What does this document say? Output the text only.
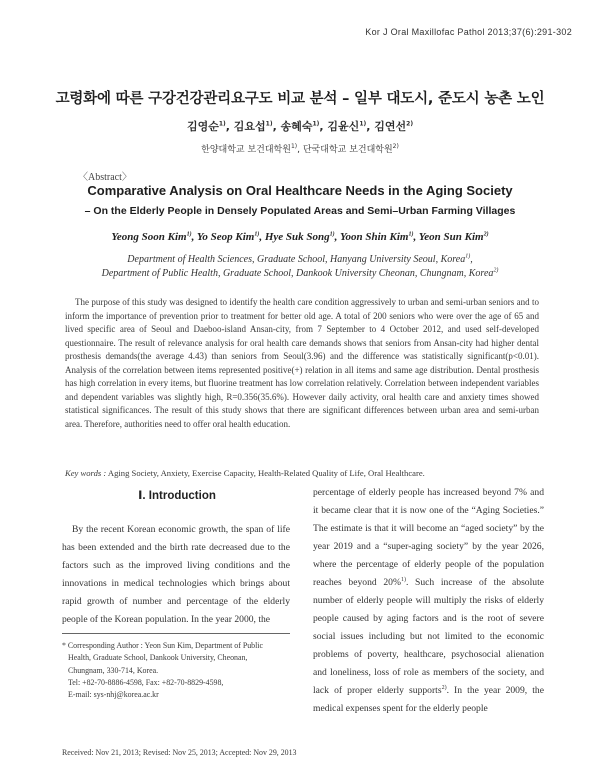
Kor J Oral Maxillofac Pathol 2013;37(6):291-302
고령화에 따른 구강건강관리요구도 비교 분석 – 일부 대도시, 준도시 농촌 노인
김영순$^{1)}$, 김요섭$^{1)}$, 송혜숙$^{1)}$, 김윤신$^{1)}$, 김연선$^{2)}$
한양대학교 보건대학원$^{1)}$, 단국대학교 보건대학원$^{2)}$
〈Abstract〉
Comparative Analysis on Oral Healthcare Needs in the Aging Society
– On the Elderly People in Densely Populated Areas and Semi–Urban Farming Villages
Yeong Soon Kim$^{1)}$, Yo Seop Kim$^{1)}$, Hye Suk Song$^{1)}$, Yoon Shin Kim$^{1)}$, Yeon Sun Kim$^{2)}$
Department of Health Sciences, Graduate School, Hanyang University Seoul, Korea$^{1)}$,
Department of Public Health, Graduate School, Dankook University Cheonan, Chungnam, Korea$^{2)}$

The purpose of this study was designed to identify the health care condition aggressively to urban and semi-urban seniors and to inform the importance of prevention prior to treatment for better old age. A total of 200 seniors who were over the age of 65 and lived specific area of Seoul and Daeboo-island Ansan-city, from 7 September to 4 October 2012, and used self-developed questionnaire. The result of relevance analysis for oral health care demands shows that seniors from Ansan-city had higher dental prosthesis demands(the average 4.43) than seniors from Seoul(3.96) and the difference was statistically significant(p<0.01). Analysis of the correlation between items represented positive(+) relation in all items and same age distribution. Dental prosthesis has high correlation in every items, but fluorine treatment has low correlation relatively. Correlation between independent variables and dependent variables was slightly high, R=0.356(35.6%). However daily activity, oral health care and anxiety times showed statistical significances. The result of this study shows that there are significant differences between urban area and semi-urban area. Therefore, authorities need to offer oral health education.

Key words : Aging Society, Anxiety, Exercise Capacity, Health-Related Quality of Life, Oral Healthcare.
Ⅰ. Introduction

By the recent Korean economic growth, the span of life has been extended and the birth rate decreased due to the factors such as the improved living conditions and the innovations in medical technologies which brings about rapid growth of number and percentage of the elderly people of the Korean population. In the year 2000, the

* Corresponding Author : Yeon Sun Kim, Department of Public
Health, Graduate School, Dankook University, Cheonan,
Chungnam, 330-714, Korea.
Tel: +82-70-8886-4598, Fax: +82-70-8829-4598,
E-mail: sys-nhj@korea.ac.kr
Received: Nov 21, 2013; Revised: Nov 25, 2013; Accepted: Nov 29, 2013

percentage of elderly people has increased beyond 7% and it became clear that it is now one of the “Aging Societies.” The estimate is that it will become an “aged society” by the year 2019 and a “super-aging society” by the year 2026, where the percentage of elderly people of the population reaches beyond 20%$^{1)}$. Such increase of the absolute number of elderly people will multiply the risks of elderly people caused by aging factors and is the root of severe social issues including but not limited to the economic problems of poverty, healthcare, psychosocial alienation and loneliness, loss of role as members of the society, and lack of proper elderly supports$^{2)}$. In the year 2009, the medical expenses spent for the elderly people
